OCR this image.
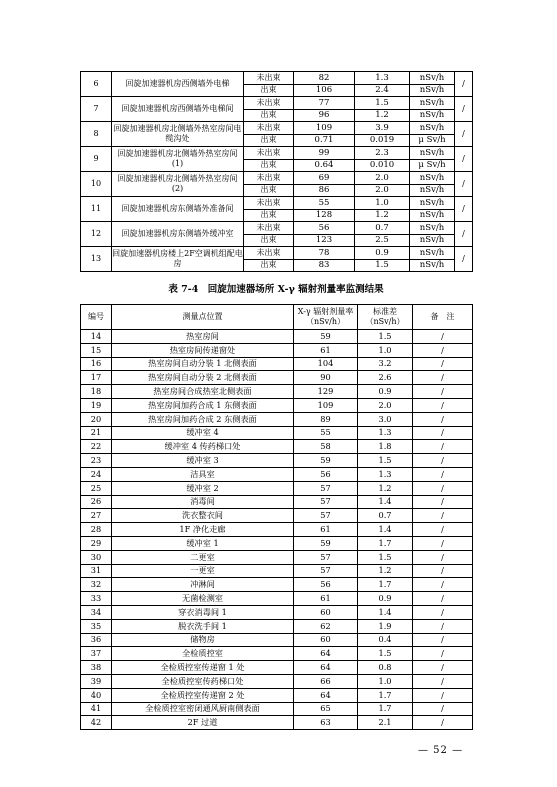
6	回旋加速器机房西侧墙外电梯	未出束	82	1.3	nSv/h	/
		出束	106	2.4	nSv/h	
7	回旋加速器机房西侧墙外电梯间	未出束	77	1.5	nSv/h	/
		出束	96	1.2	nSv/h	
8	回旋加速器机房北侧墙外热室房间电缆沟处	未出束	109	3.9	nSv/h	/
		出束	0.71	0.019	μ Sv/h	
9	回旋加速器机房北侧墙外热室房间(1)	未出束	99	2.3	nSv/h	/
		出束	0.64	0.010	μ Sv/h	
10	回旋加速器机房北侧墙外热室房间(2)	未出束	69	2.0	nSv/h	/
		出束	86	2.0	nSv/h	
11	回旋加速器机房东侧墙外准备间	未出束	55	1.0	nSv/h	/
		出束	128	1.2	nSv/h	
12	回旋加速器机房东侧墙外缓冲室	未出束	56	0.7	nSv/h	/
		出束	123	2.5	nSv/h	
13	回旋加速器机房楼上2F空调机组配电房	未出束	78	0.9	nSv/h	/
		出束	83	1.5	nSv/h	
表 7-4　回旋加速器场所 X-γ 辐射剂量率监测结果
编号	测量点位置	X-γ 辐射剂量率（nSv/h）	标准差（nSv/h）	备　注
14	热室房间	59	1.5	/
15	热室房间传递窗处	61	1.0	/
16	热室房间自动分装 1 北侧表面	104	3.2	/
17	热室房间自动分装 2 北侧表面	90	2.6	/
18	热室房间合成热室北侧表面	129	0.9	/
19	热室房间加药合成 1 东侧表面	109	2.0	/
20	热室房间加药合成 2 东侧表面	89	3.0	/
21	缓冲室 4	55	1.3	/
22	缓冲室 4 传药梯口处	58	1.8	/
23	缓冲室 3	59	1.5	/
24	洁具室	56	1.3	/
25	缓冲室 2	57	1.2	/
26	消毒间	57	1.4	/
27	洗衣整衣间	57	0.7	/
28	1F 净化走廊	61	1.4	/
29	缓冲室 1	59	1.7	/
30	二更室	57	1.5	/
31	一更室	57	1.2	/
32	冲淋间	56	1.7	/
33	无菌检测室	61	0.9	/
34	穿衣消毒间 1	60	1.4	/
35	脱衣洗手间 1	62	1.9	/
36	储物房	60	0.4	/
37	全检质控室	64	1.5	/
38	全检质控室传递窗 1 处	64	0.8	/
39	全检质控室传药梯口处	66	1.0	/
40	全检质控室传递窗 2 处	64	1.7	/
41	全检质控室密闭通风厨南侧表面	65	1.7	/
42	2F 过道	63	2.1	/
— 52 —
